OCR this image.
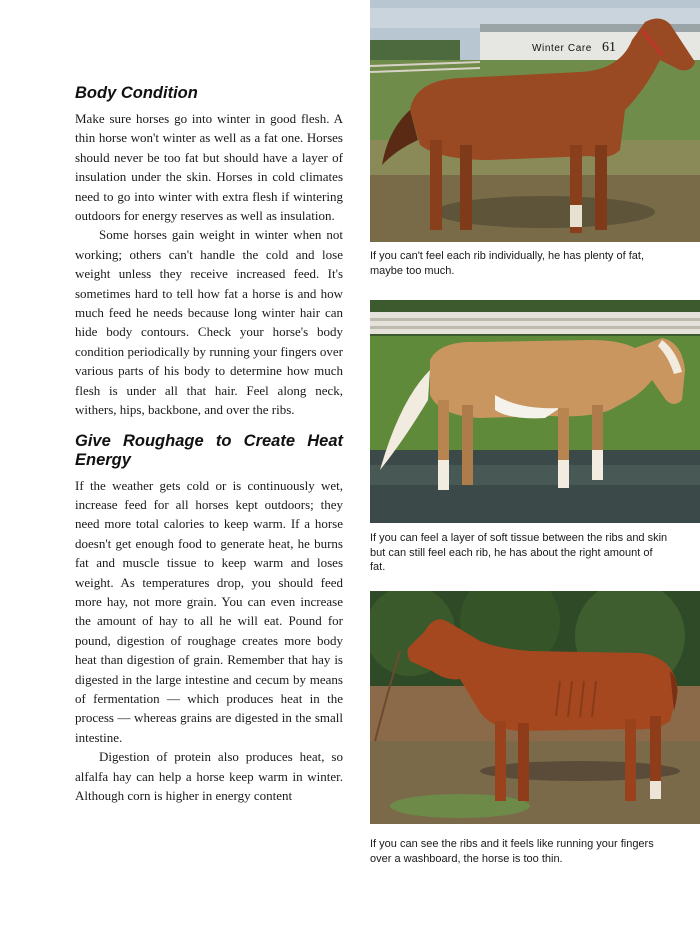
Body Condition

Make sure horses go into winter in good flesh. A thin horse won't winter as well as a fat one. Horses should never be too fat but should have a layer of insulation under the skin. Horses in cold climates need to go into winter with extra flesh if wintering outdoors for energy reserves as well as insulation.

Some horses gain weight in winter when not working; others can't handle the cold and lose weight unless they receive increased feed. It's sometimes hard to tell how fat a horse is and how much feed he needs because long winter hair can hide body contours. Check your horse's body condition periodically by running your fingers over various parts of his body to determine how much flesh is under all that hair. Feel along neck, withers, hips, backbone, and over the ribs.

Give Roughage to Create Heat Energy

If the weather gets cold or is continuously wet, increase feed for all horses kept outdoors; they need more total calories to keep warm. If a horse doesn't get enough food to generate heat, he burns fat and muscle tissue to keep warm and loses weight. As temperatures drop, you should feed more hay, not more grain. You can even increase the amount of hay to all he will eat. Pound for pound, digestion of roughage creates more body heat than digestion of grain. Remember that hay is digested in the large intestine and cecum by means of fermentation — which produces heat in the process — whereas grains are digested in the small intestine.

Digestion of protein also produces heat, so alfalfa hay can help a horse keep warm in winter. Although corn is higher in energy content

Winter Care 61
If you can't feel each rib individually, he has plenty of fat, maybe too much.
If you can feel a layer of soft tissue between the ribs and skin but can still feel each rib, he has about the right amount of fat.
If you can see the ribs and it feels like running your fingers over a washboard, the horse is too thin.
